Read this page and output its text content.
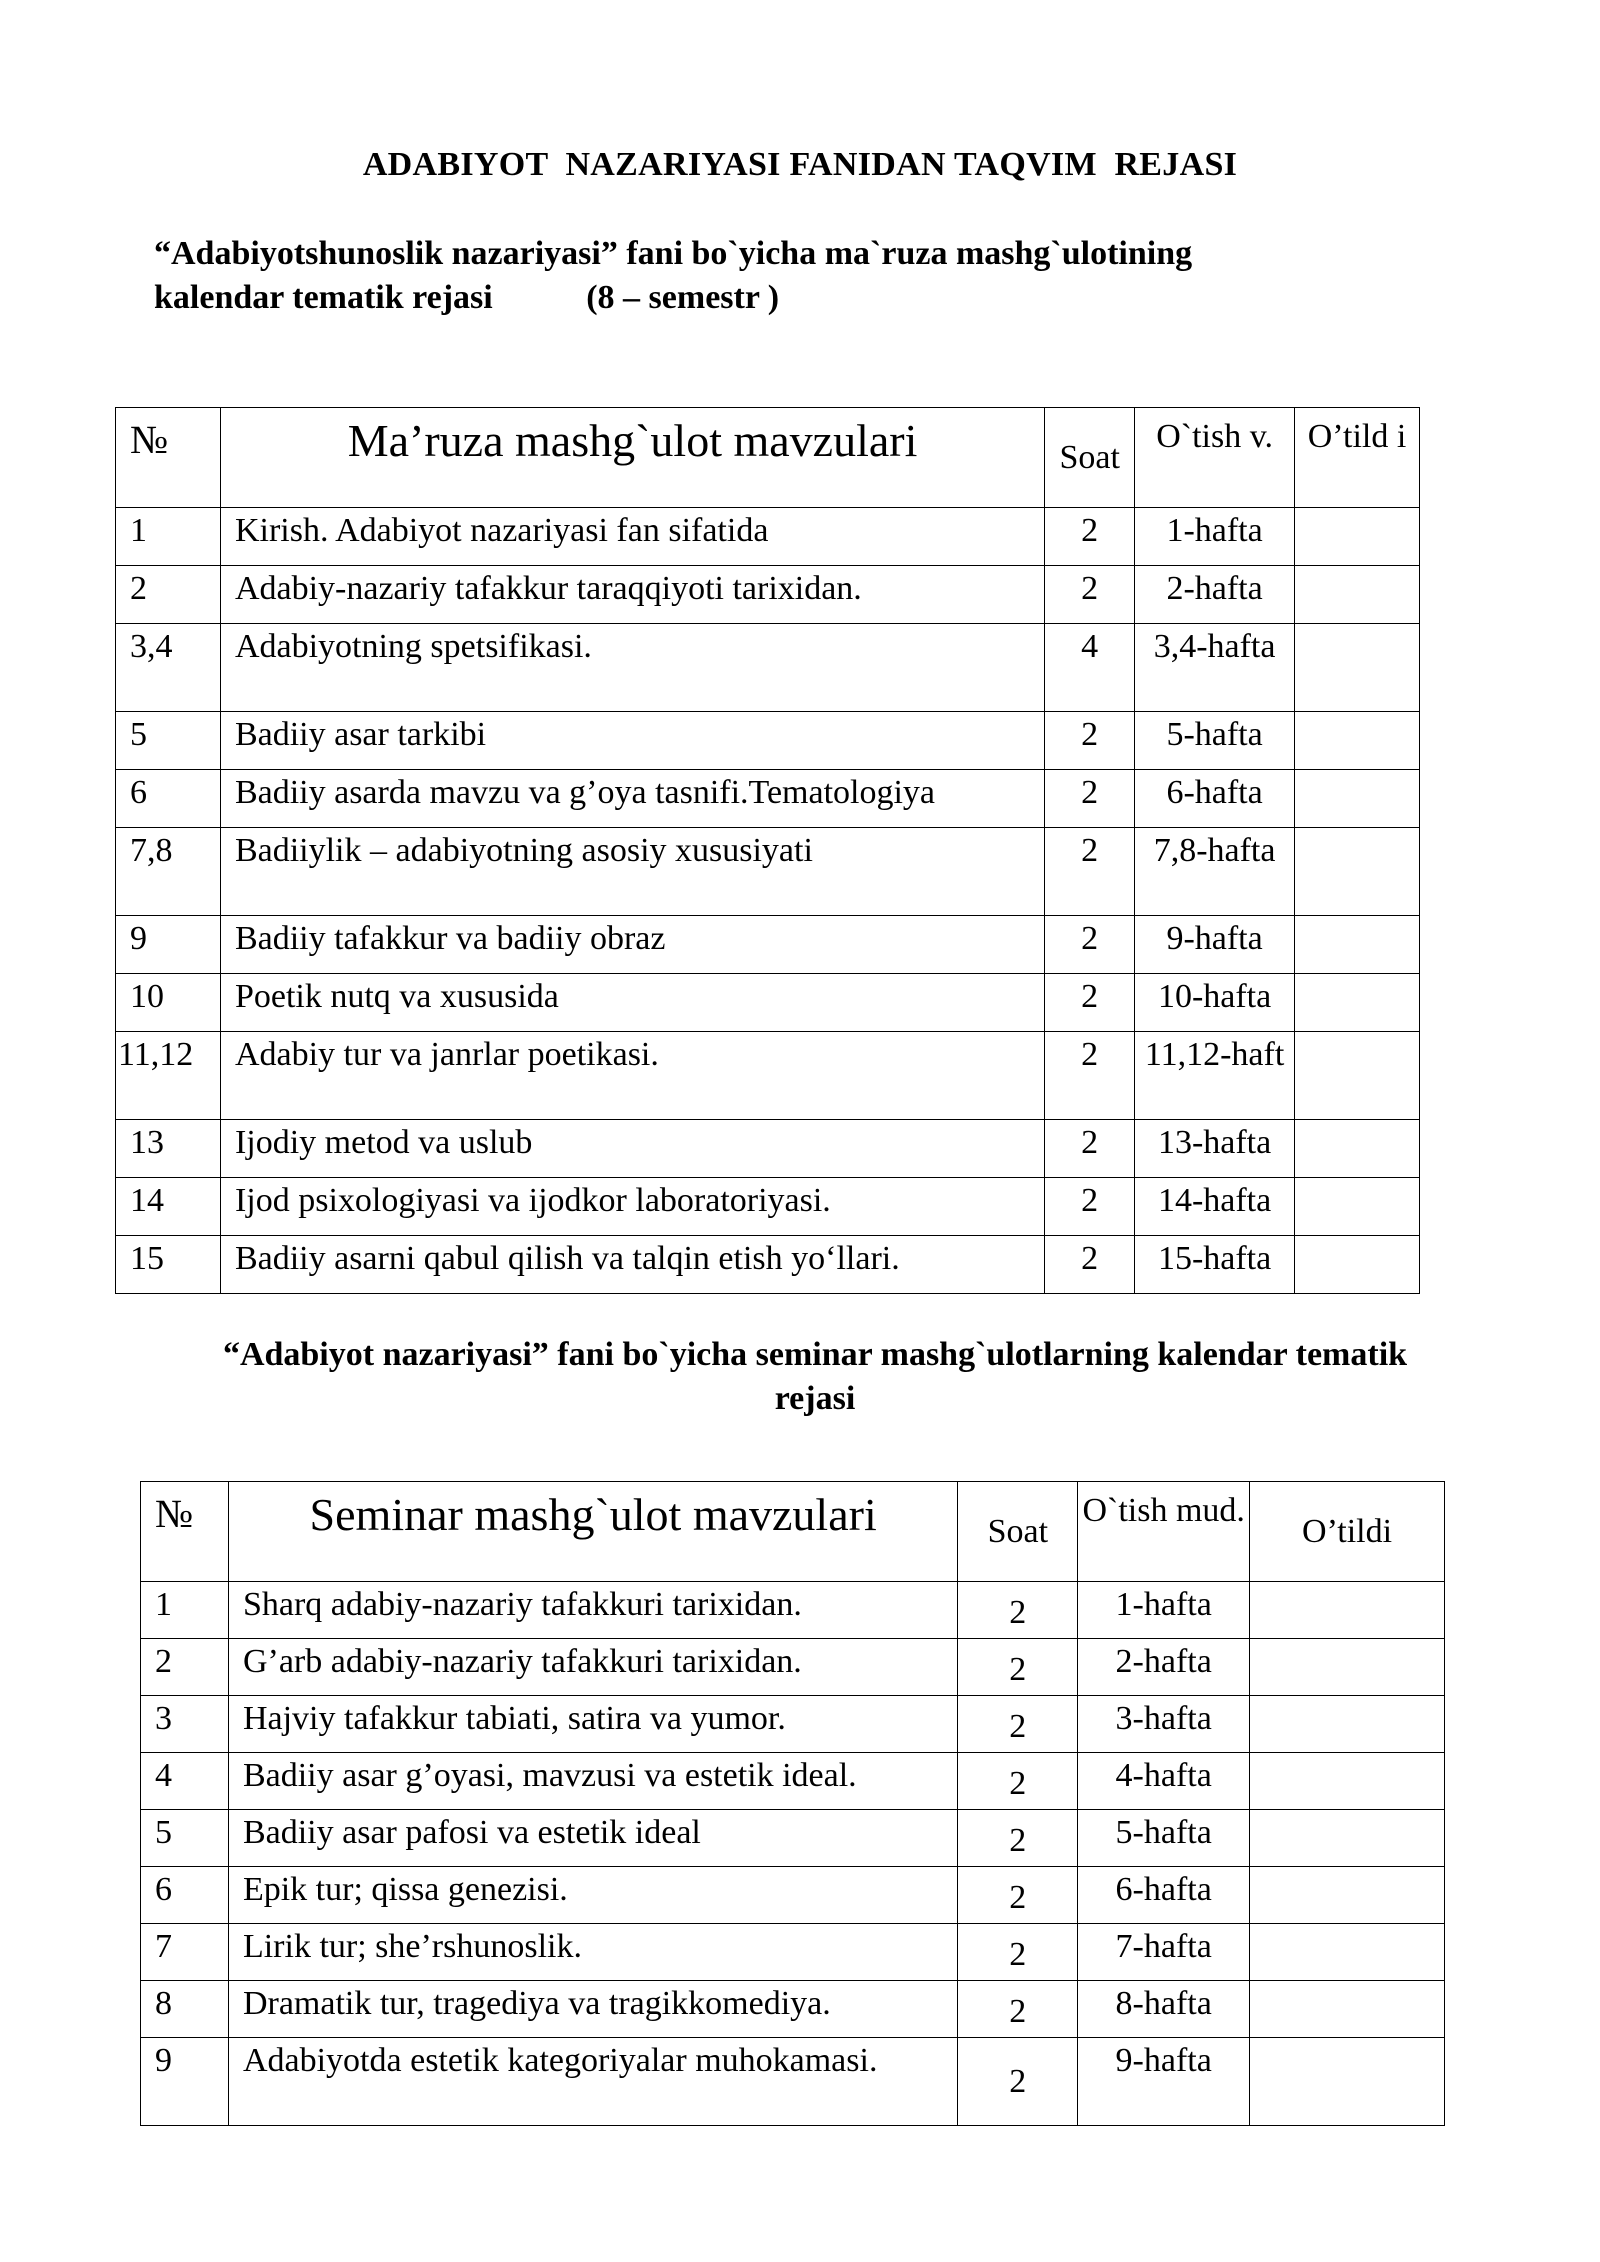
ADABIYOT  NAZARIYASI FANIDAN TAQVIM  REJASI
“Adabiyotshunoslik nazariyasi” fani bo`yicha ma`ruza mashg`ulotining
kalendar tematik rejasi           (8 – semestr )
№	Ma’ruza mashg`ulot mavzulari	Soat	O`tish v.	O’tild i
1	Kirish. Adabiyot nazariyasi fan sifatida	2	1-hafta	
2	Adabiy-nazariy tafakkur taraqqiyoti tarixidan.	2	2-hafta	
3,4	Adabiyotning spetsifikasi.	4	3,4-hafta	
5	Badiiy asar tarkibi	2	5-hafta	
6	Badiiy asarda mavzu va g’oya tasnifi.Tematologiya	2	6-hafta	
7,8	Badiiylik – adabiyotning asosiy xususiyati	2	7,8-hafta	
9	Badiiy tafakkur va badiiy obraz	2	9-hafta	
10	Poetik nutq va xususida	2	10-hafta	
11,12	Adabiy tur va janrlar poetikasi.	2	11,12-haft	
13	Ijodiy metod va uslub	2	13-hafta	
14	Ijod psixologiyasi va ijodkor laboratoriyasi.	2	14-hafta	
15	Badiiy asarni qabul qilish va talqin etish yo‘llari.	2	15-hafta	
“Adabiyot nazariyasi” fani bo`yicha seminar mashg`ulotlarning kalendar tematik rejasi
№	Seminar mashg`ulot mavzulari	Soat	O`tish mud.	O’tildi
1	Sharq adabiy-nazariy tafakkuri tarixidan.	2	1-hafta	
2	G’arb adabiy-nazariy tafakkuri tarixidan.	2	2-hafta	
3	Hajviy tafakkur tabiati, satira va yumor.	2	3-hafta	
4	Badiiy asar g’oyasi, mavzusi va estetik ideal.	2	4-hafta	
5	Badiiy asar pafosi va estetik ideal	2	5-hafta	
6	Epik tur; qissa genezisi.	2	6-hafta	
7	Lirik tur; she’rshunoslik.	2	7-hafta	
8	Dramatik tur, tragediya va tragikkomediya.	2	8-hafta	
9	Adabiyotda estetik kategoriyalar muhokamasi.	2	9-hafta	
